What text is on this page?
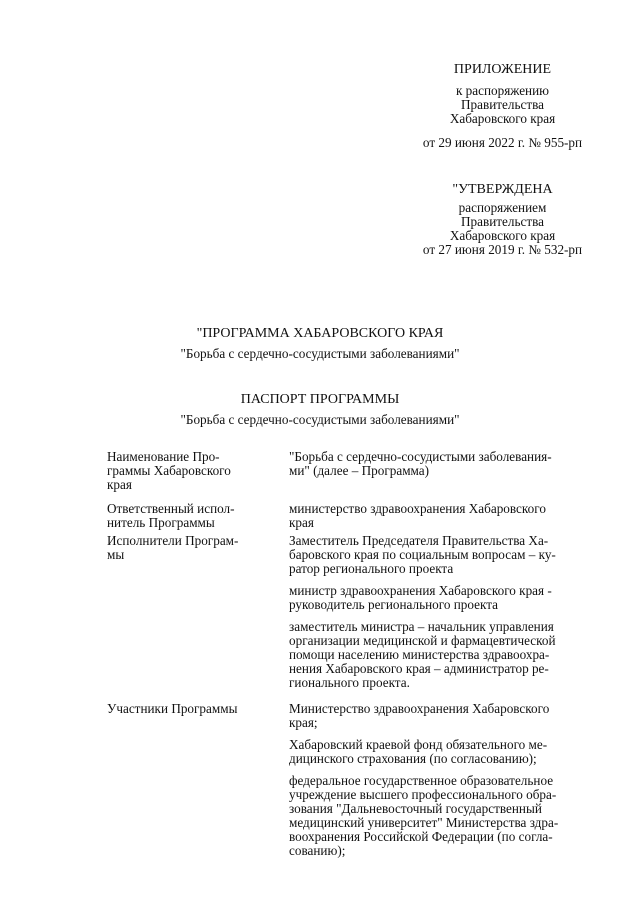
ПРИЛОЖЕНИЕ
к распоряжению
Правительства
Хабаровского края
от 29 июня 2022 г. № 955-рп
"УТВЕРЖДЕНА
распоряжением
Правительства
Хабаровского края
от 27 июня 2019 г. № 532-рп
"ПРОГРАММА ХАБАРОВСКОГО КРАЯ
"Борьба с сердечно-сосудистыми заболеваниями"
ПАСПОРТ ПРОГРАММЫ
"Борьба с сердечно-сосудистыми заболеваниями"
Наименование Про-
граммы Хабаровского
края
"Борьба с сердечно-сосудистыми заболевания-
ми" (далее – Программа)
Ответственный испол-
нитель Программы
министерство здравоохранения Хабаровского
края
Исполнители Програм-
мы
Заместитель Председателя Правительства Ха-
баровского края по социальным вопросам – ку-
ратор регионального проекта
министр здравоохранения Хабаровского края -
руководитель регионального проекта
заместитель министра – начальник управления
организации медицинской и фармацевтической
помощи населению министерства здравоохра-
нения Хабаровского края – администратор ре-
гионального проекта.
Участники Программы	Министерство здравоохранения Хабаровского
края;
Хабаровский краевой фонд обязательного ме-
дицинского страхования (по согласованию);
федеральное государственное образовательное
учреждение высшего профессионального обра-
зования "Дальневосточный государственный
медицинский университет" Министерства здра-
воохранения Российской Федерации (по согла-
сованию);
